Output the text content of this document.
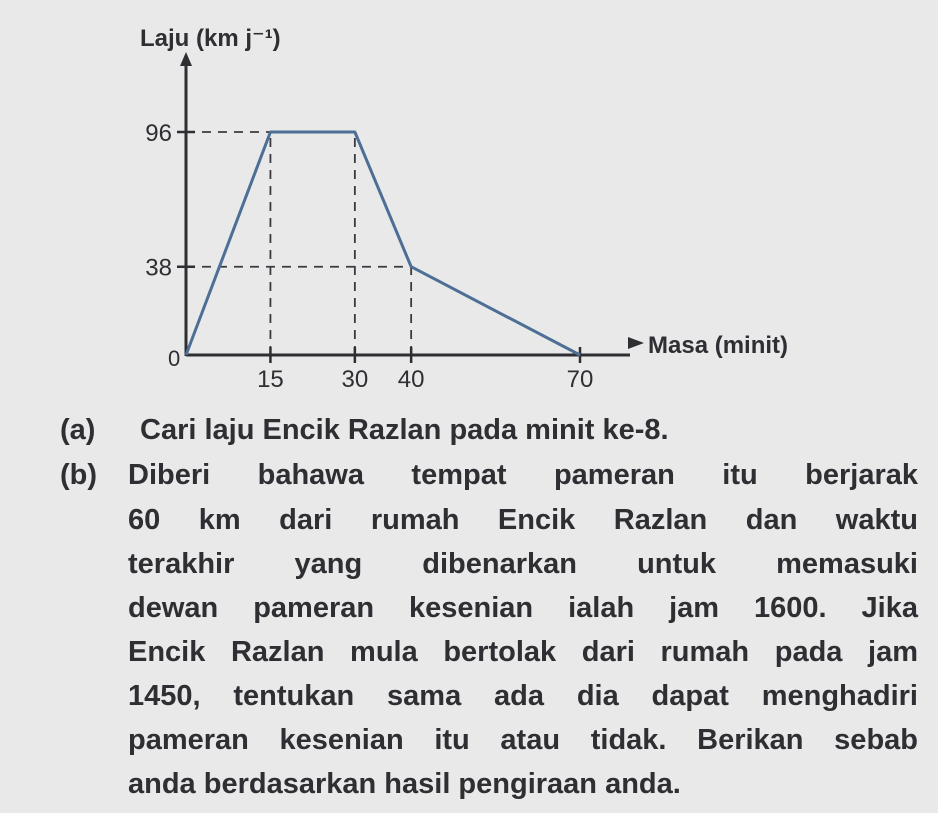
Laju (km j⁻¹)
Masa (minit)
0
15 30 40	70
38
96
(a) Cari laju Encik Razlan pada minit ke-8.
(b) Diberi bahawa tempat pameran itu berjarak
60 km dari rumah Encik Razlan dan waktu
terakhir yang dibenarkan untuk memasuki
dewan pameran kesenian ialah jam 1600. Jika
Encik Razlan mula bertolak dari rumah pada jam
1450, tentukan sama ada dia dapat menghadiri
pameran kesenian itu atau tidak. Berikan sebab
anda berdasarkan hasil pengiraan anda.
